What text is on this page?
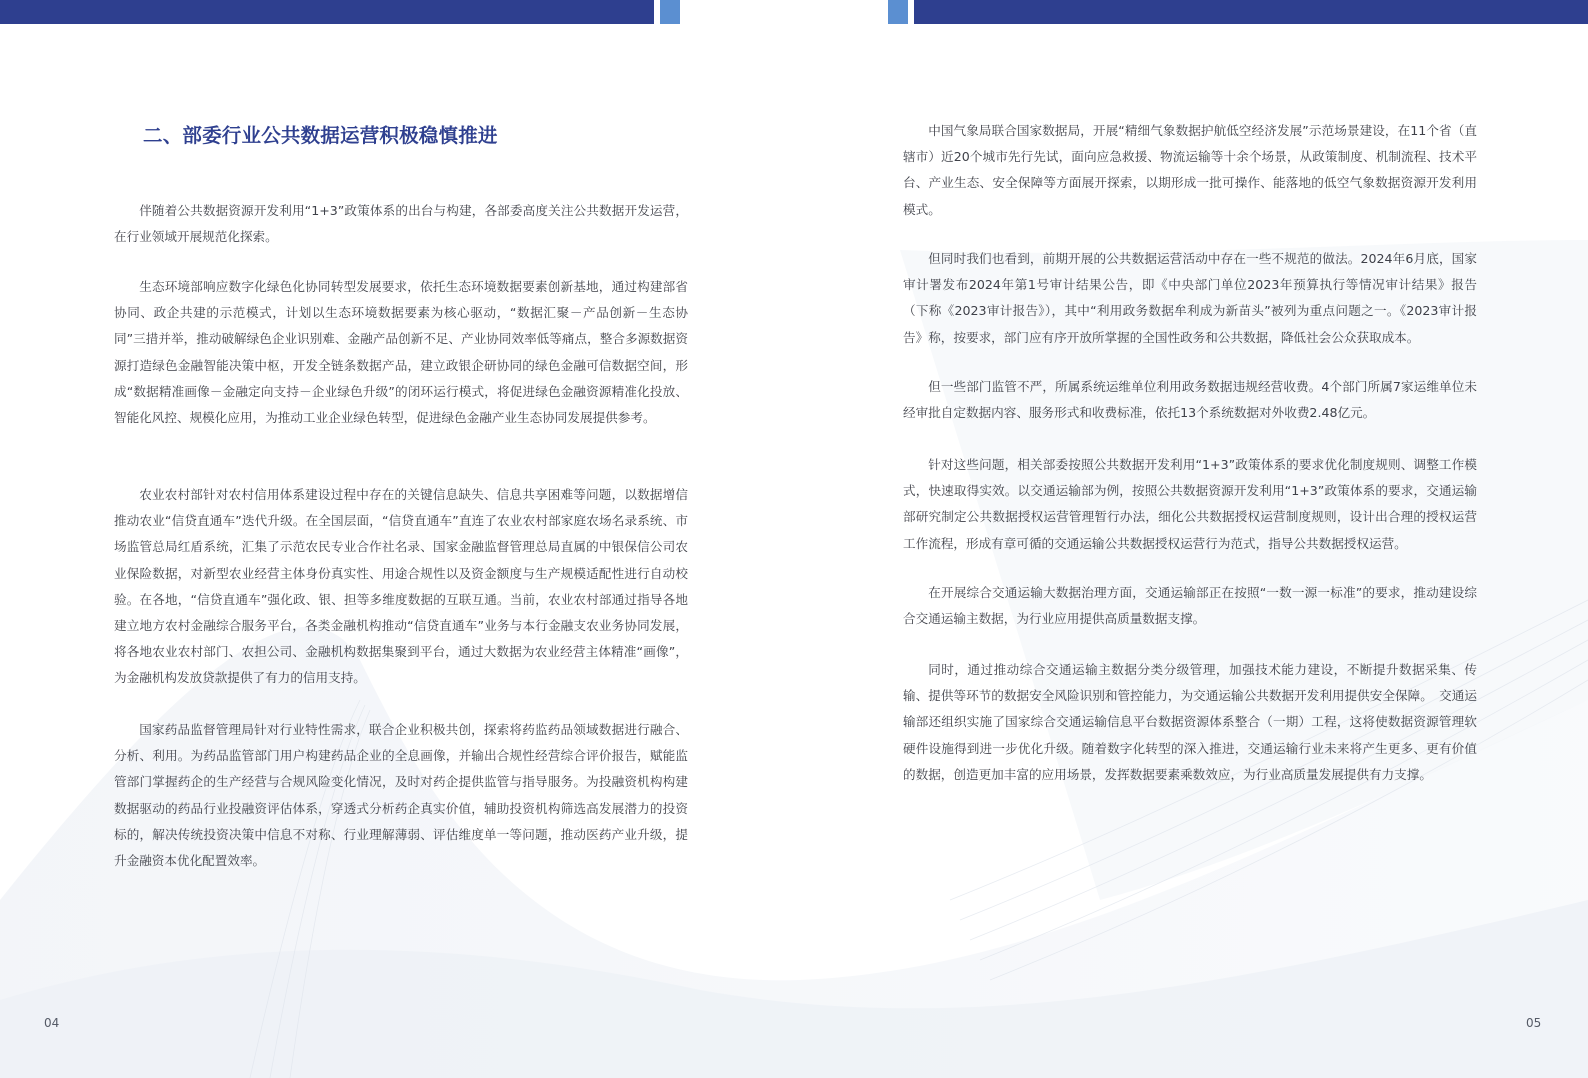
二、部委行业公共数据运营积极稳慎推进

伴随着公共数据资源开发利用“1+3”政策体系的出台与构建，各部委高度关注公共数据开发运营，在行业领域开展规范化探索。

生态环境部响应数字化绿色化协同转型发展要求，依托生态环境数据要素创新基地，通过构建部省协同、政企共建的示范模式，计划以生态环境数据要素为核心驱动，“数据汇聚－产品创新－生态协同”三措并举，推动破解绿色企业识别难、金融产品创新不足、产业协同效率低等痛点，整合多源数据资源打造绿色金融智能决策中枢，开发全链条数据产品，建立政银企研协同的绿色金融可信数据空间，形成“数据精准画像－金融定向支持－企业绿色升级”的闭环运行模式，将促进绿色金融资源精准化投放、智能化风控、规模化应用，为推动工业企业绿色转型，促进绿色金融产业生态协同发展提供参考。

农业农村部针对农村信用体系建设过程中存在的关键信息缺失、信息共享困难等问题，以数据增信推动农业“信贷直通车”迭代升级。在全国层面，“信贷直通车”直连了农业农村部家庭农场名录系统、市场监管总局红盾系统，汇集了示范农民专业合作社名录、国家金融监督管理总局直属的中银保信公司农业保险数据，对新型农业经营主体身份真实性、用途合规性以及资金额度与生产规模适配性进行自动校验。在各地，“信贷直通车”强化政、银、担等多维度数据的互联互通。当前，农业农村部通过指导各地建立地方农村金融综合服务平台，各类金融机构推动“信贷直通车”业务与本行金融支农业务协同发展，将各地农业农村部门、农担公司、金融机构数据集聚到平台，通过大数据为农业经营主体精准“画像”，为金融机构发放贷款提供了有力的信用支持。

国家药品监督管理局针对行业特性需求，联合企业积极共创，探索将药监药品领域数据进行融合、分析、利用。为药品监管部门用户构建药品企业的全息画像，并输出合规性经营综合评价报告，赋能监管部门掌握药企的生产经营与合规风险变化情况，及时对药企提供监管与指导服务。为投融资机构构建数据驱动的药品行业投融资评估体系，穿透式分析药企真实价值，辅助投资机构筛选高发展潜力的投资标的，解决传统投资决策中信息不对称、行业理解薄弱、评估维度单一等问题，推动医药产业升级，提升金融资本优化配置效率。

中国气象局联合国家数据局，开展“精细气象数据护航低空经济发展”示范场景建设，在11个省（直辖市）近20个城市先行先试，面向应急救援、物流运输等十余个场景，从政策制度、机制流程、技术平台、产业生态、安全保障等方面展开探索，以期形成一批可操作、能落地的低空气象数据资源开发利用模式。

但同时我们也看到，前期开展的公共数据运营活动中存在一些不规范的做法。2024年6月底，国家审计署发布2024年第1号审计结果公告，即《中央部门单位2023年预算执行等情况审计结果》报告（下称《2023审计报告》），其中“利用政务数据牟利成为新苗头”被列为重点问题之一。《2023审计报告》称，按要求，部门应有序开放所掌握的全国性政务和公共数据，降低社会公众获取成本。

但一些部门监管不严，所属系统运维单位利用政务数据违规经营收费。4个部门所属7家运维单位未经审批自定数据内容、服务形式和收费标准，依托13个系统数据对外收费2.48亿元。

针对这些问题，相关部委按照公共数据开发利用“1+3”政策体系的要求优化制度规则、调整工作模式，快速取得实效。以交通运输部为例，按照公共数据资源开发利用“1+3”政策体系的要求，交通运输部研究制定公共数据授权运营管理暂行办法，细化公共数据授权运营制度规则，设计出合理的授权运营工作流程，形成有章可循的交通运输公共数据授权运营行为范式，指导公共数据授权运营。

在开展综合交通运输大数据治理方面，交通运输部正在按照“一数一源一标准”的要求，推动建设综合交通运输主数据，为行业应用提供高质量数据支撑。

同时，通过推动综合交通运输主数据分类分级管理，加强技术能力建设，不断提升数据采集、传输、提供等环节的数据安全风险识别和管控能力，为交通运输公共数据开发利用提供安全保障。　交通运输部还组织实施了国家综合交通运输信息平台数据资源体系整合（一期）工程，这将使数据资源管理软硬件设施得到进一步优化升级。随着数字化转型的深入推进，交通运输行业未来将产生更多、更有价值的数据，创造更加丰富的应用场景，发挥数据要素乘数效应，为行业高质量发展提供有力支撑。

04	05
